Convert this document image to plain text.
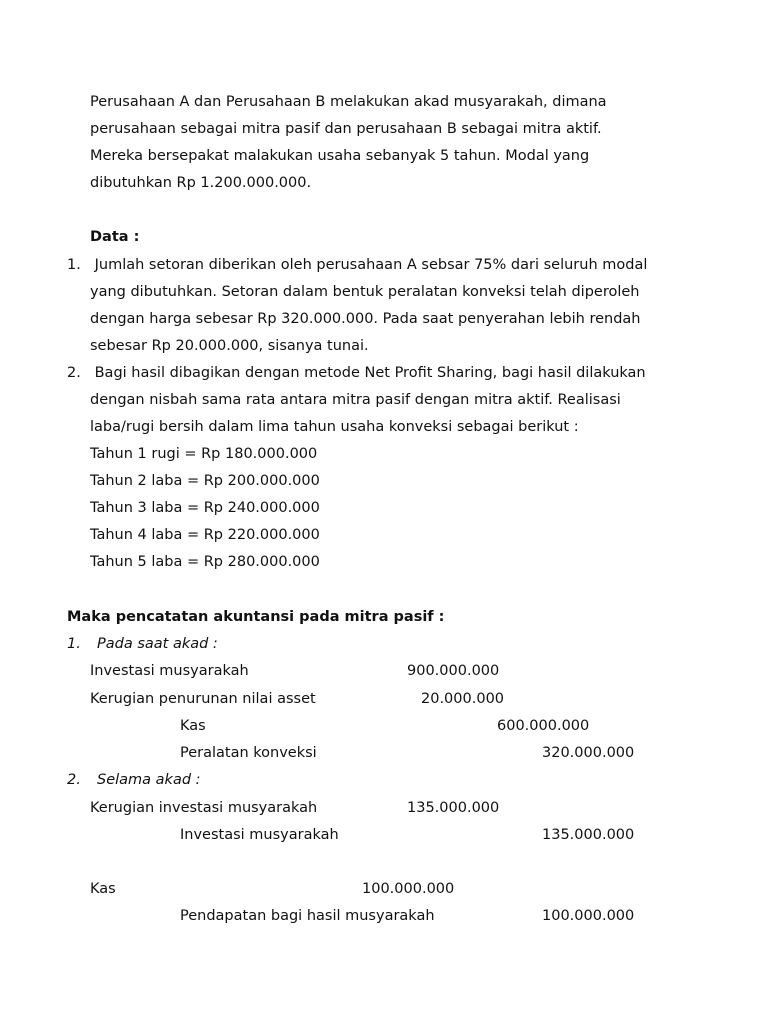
Perusahaan A dan Perusahaan B melakukan akad musyarakah, dimana
perusahaan sebagai mitra pasif dan perusahaan B sebagai mitra aktif.
Mereka bersepakat malakukan usaha sebanyak 5 tahun. Modal yang
dibutuhkan Rp 1.200.000.000.
Data :
1. Jumlah setoran diberikan oleh perusahaan A sebsar 75% dari seluruh modal
yang dibutuhkan. Setoran dalam bentuk peralatan konveksi telah diperoleh
dengan harga sebesar Rp 320.000.000. Pada saat penyerahan lebih rendah
sebesar Rp 20.000.000, sisanya tunai.
2. Bagi hasil dibagikan dengan metode Net Profit Sharing, bagi hasil dilakukan
dengan nisbah sama rata antara mitra pasif dengan mitra aktif. Realisasi
laba/rugi bersih dalam lima tahun usaha konveksi sebagai berikut :
Tahun 1 rugi = Rp 180.000.000
Tahun 2 laba = Rp 200.000.000
Tahun 3 laba = Rp 240.000.000
Tahun 4 laba = Rp 220.000.000
Tahun 5 laba = Rp 280.000.000
Maka pencatatan akuntansi pada mitra pasif :
1. Pada saat akad :
Investasi musyarakah	900.000.000
Kerugian penurunan nilai asset	20.000.000
Kas	600.000.000
Peralatan konveksi	320.000.000
2. Selama akad :
Kerugian investasi musyarakah	135.000.000
Investasi musyarakah	135.000.000
Kas	100.000.000
Pendapatan bagi hasil musyarakah	100.000.000
